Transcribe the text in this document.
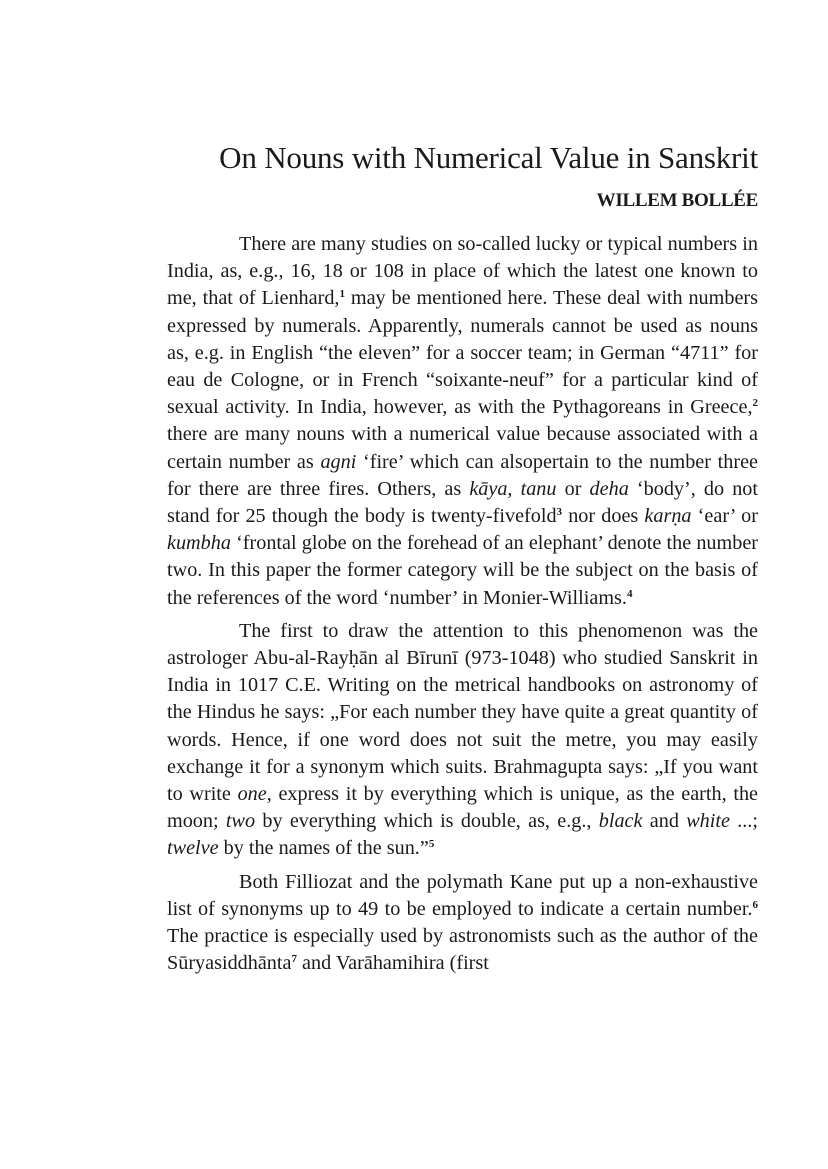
On Nouns with Numerical Value in Sanskrit
WILLEM BOLLÉE

There are many studies on so-called lucky or typical numbers in India, as, e.g., 16, 18 or 108 in place of which the latest one known to me, that of Lienhard,$^1$ may be mentioned here. These deal with numbers expressed by numerals. Apparently, numerals cannot be used as nouns as, e.g. in English “the eleven” for a soccer team; in German “4711” for eau de Cologne, or in French “soixante-neuf” for a particular kind of sexual activity. In India, however, as with the Pythagoreans in Greece,$^2$ there are many nouns with a numerical value because associated with a certain number as agni ‘fire’ which can alsopertain to the number three for there are three fires. Others, as kāya, tanu or deha ‘body’, do not stand for 25 though the body is twenty-fivefold$^3$ nor does karṇa ‘ear’ or kumbha ‘frontal globe on the forehead of an elephant’ denote the number two. In this paper the former category will be the subject on the basis of the references of the word ‘number’ in Monier-Williams.$^4$

The first to draw the attention to this phenomenon was the astrologer Abu-al-Rayḥān al Bīrunī (973-1048) who studied Sanskrit in India in 1017 C.E. Writing on the metrical handbooks on astronomy of the Hindus he says: „For each number they have quite a great quantity of words. Hence, if one word does not suit the metre, you may easily exchange it for a synonym which suits. Brahmagupta says: „If you want to write one, express it by everything which is unique, as the earth, the moon; two by everything which is double, as, e.g., black and white ...; twelve by the names of the sun.”$^5$

Both Filliozat and the polymath Kane put up a non-exhaustive list of synonyms up to 49 to be employed to indicate a certain number.$^6$ The practice is especially used by astronomists such as the author of the Sūryasiddhānta$^7$ and Varāhamihira (first
